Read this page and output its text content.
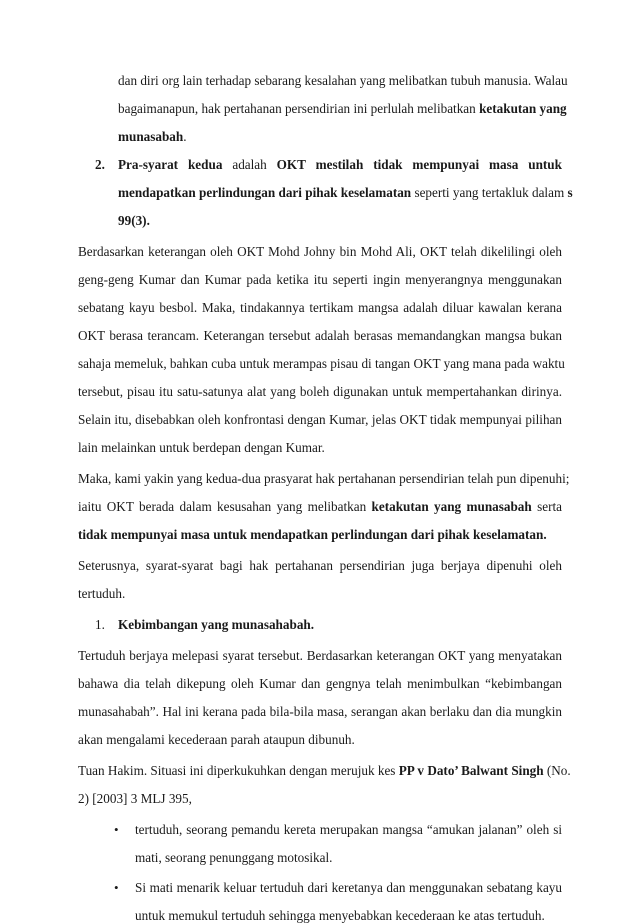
dan diri org lain terhadap sebarang kesalahan yang melibatkan tubuh manusia. Walau

bagaimanapun, hak pertahanan persendirian ini perlulah melibatkan ketakutan yang

munasabah.

2. Pra-syarat kedua adalah OKT mestilah tidak mempunyai masa untuk

mendapatkan perlindungan dari pihak keselamatan seperti yang tertakluk dalam s

99(3).

Berdasarkan keterangan oleh OKT Mohd Johny bin Mohd Ali, OKT telah dikelilingi oleh

geng-geng Kumar dan Kumar pada ketika itu seperti ingin menyerangnya menggunakan

sebatang kayu besbol. Maka, tindakannya tertikam mangsa adalah diluar kawalan kerana

OKT berasa terancam. Keterangan tersebut adalah berasas memandangkan mangsa bukan

sahaja memeluk, bahkan cuba untuk merampas pisau di tangan OKT yang mana pada waktu

tersebut, pisau itu satu-satunya alat yang boleh digunakan untuk mempertahankan dirinya.

Selain itu, disebabkan oleh konfrontasi dengan Kumar, jelas OKT tidak mempunyai pilihan

lain melainkan untuk berdepan dengan Kumar.

Maka, kami yakin yang kedua-dua prasyarat hak pertahanan persendirian telah pun dipenuhi;

iaitu OKT berada dalam kesusahan yang melibatkan ketakutan yang munasabah serta

tidak mempunyai masa untuk mendapatkan perlindungan dari pihak keselamatan.

Seterusnya, syarat-syarat bagi hak pertahanan persendirian juga berjaya dipenuhi oleh

tertuduh.

1. Kebimbangan yang munasahabah.

Tertuduh berjaya melepasi syarat tersebut. Berdasarkan keterangan OKT yang menyatakan

bahawa dia telah dikepung oleh Kumar dan gengnya telah menimbulkan “kebimbangan

munasahabah”. Hal ini kerana pada bila-bila masa, serangan akan berlaku dan dia mungkin

akan mengalami kecederaan parah ataupun dibunuh.

Tuan Hakim. Situasi ini diperkukuhkan dengan merujuk kes PP v Dato’ Balwant Singh (No.

2) [2003] 3 MLJ 395,

• tertuduh, seorang pemandu kereta merupakan mangsa “amukan jalanan” oleh si

mati, seorang penunggang motosikal.

• Si mati menarik keluar tertuduh dari keretanya dan menggunakan sebatang kayu

untuk memukul tertuduh sehingga menyebabkan kecederaan ke atas tertuduh.
